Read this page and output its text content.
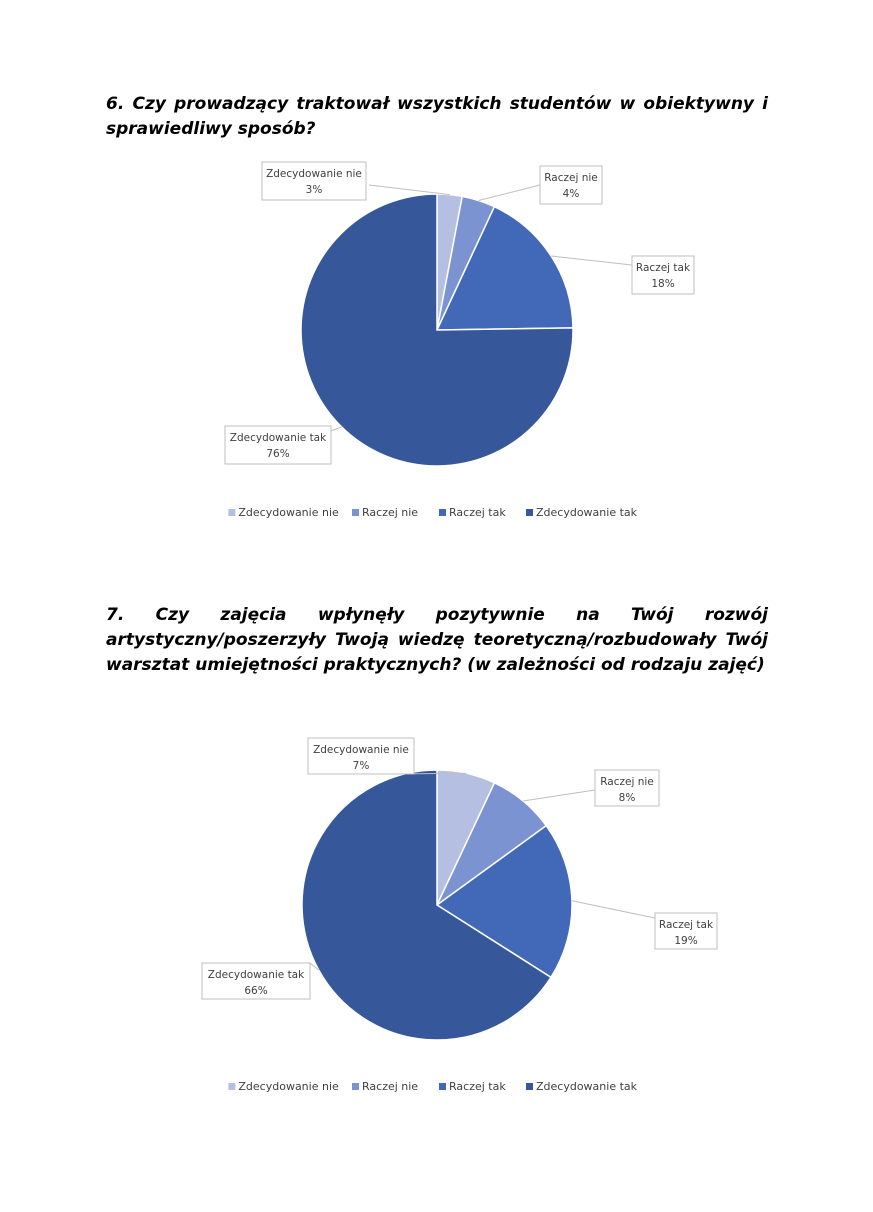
6. Czy prowadzący traktował wszystkich studentów w obiektywny i sprawiedliwy sposób?

Zdecydowanie nie
3%
Raczej nie
4%
Raczej tak
18%
Zdecydowanie tak
76%
Zdecydowanie nie Raczej nie	Raczej tak	Zdecydowanie tak

7. Czy zajęcia wpłynęły pozytywnie na Twój rozwój artystyczny/poszerzyły Twoją wiedzę teoretyczną/rozbudowały Twój warsztat umiejętności praktycznych? (w zależności od rodzaju zajęć)

Zdecydowanie nie
7%
Raczej nie
8%
Raczej tak
19%
Zdecydowanie tak
66%
Zdecydowanie nie Raczej nie	Raczej tak	Zdecydowanie tak
